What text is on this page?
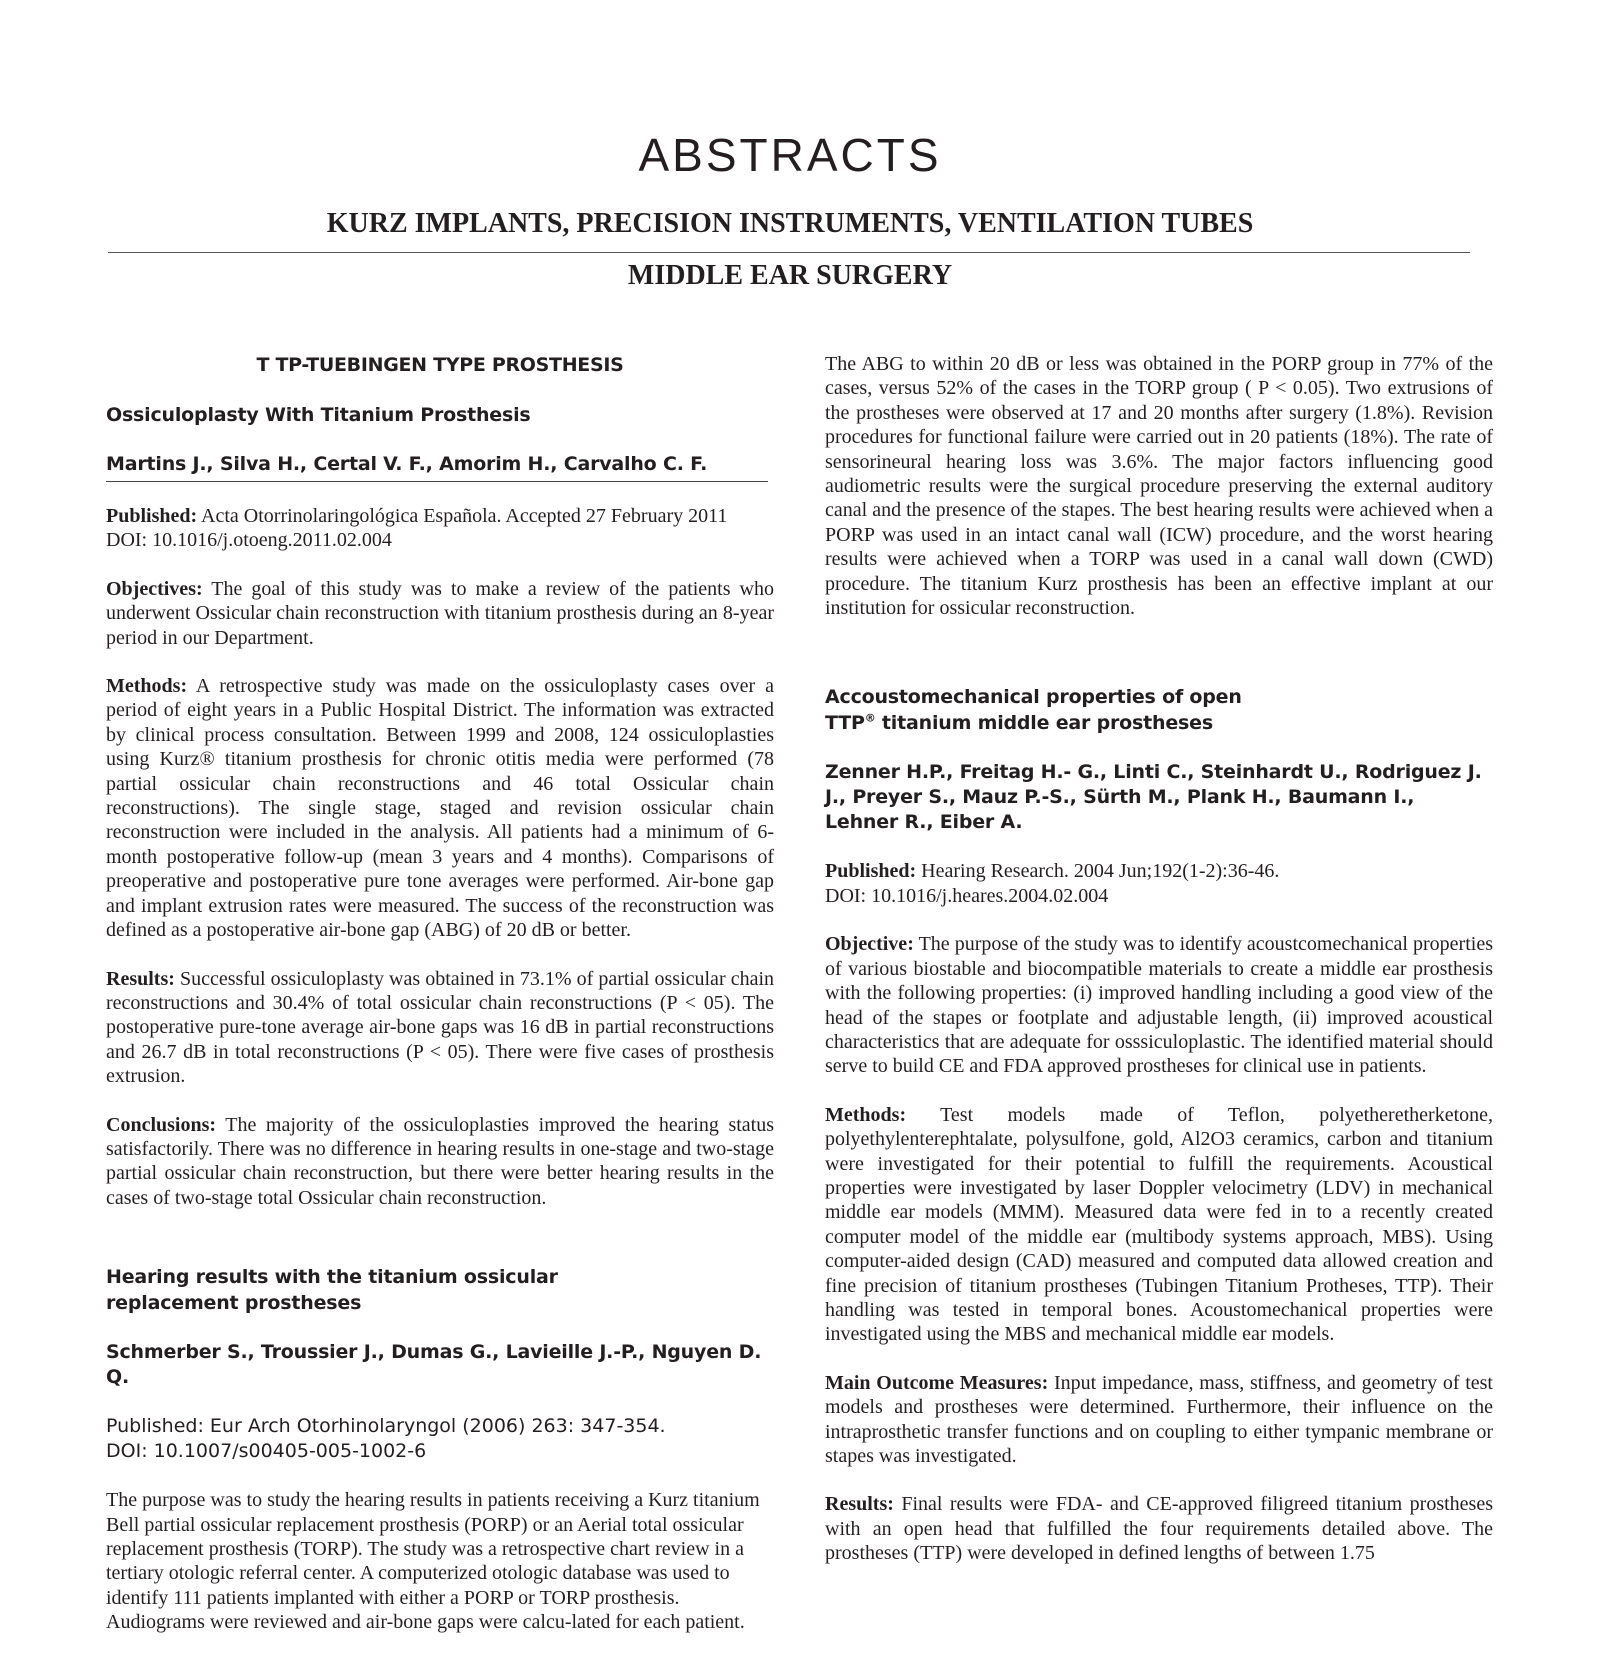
ABSTRACTS
KURZ IMPLANTS, PRECISION INSTRUMENTS, VENTILATION TUBES
MIDDLE EAR SURGERY
T TP-TUEBINGEN TYPE PROSTHESIS
Ossiculoplasty With Titanium Prosthesis
Martins J., Silva H., Certal V. F., Amorim H., Carvalho C. F.

Published: Acta Otorrinolaringológica Española. Accepted 27 February 2011
DOI: 10.1016/j.otoeng.2011.02.004

Objectives: The goal of this study was to make a review of the patients who underwent Ossicular chain reconstruction with titanium prosthesis during an 8-year period in our Department.

Methods: A retrospective study was made on the ossiculoplasty cases over a period of eight years in a Public Hospital District. The information was extracted by clinical process consultation. Between 1999 and 2008, 124 ossiculoplasties using Kurz® titanium prosthesis for chronic otitis media were performed (78 partial ossicular chain reconstructions and 46 total Ossicular chain reconstructions). The single stage, staged and revision ossicular chain reconstruction were included in the analysis. All patients had a minimum of 6-month postoperative follow-up (mean 3 years and 4 months). Comparisons of preoperative and postoperative pure tone averages were performed. Air-bone gap and implant extrusion rates were measured. The success of the reconstruction was defined as a postoperative air-bone gap (ABG) of 20 dB or better.

Results: Successful ossiculoplasty was obtained in 73.1% of partial ossicular chain reconstructions and 30.4% of total ossicular chain reconstructions (P < 05). The postoperative pure-tone average air-bone gaps was 16 dB in partial reconstructions and 26.7 dB in total reconstructions (P < 05). There were five cases of prosthesis extrusion.

Conclusions: The majority of the ossiculoplasties improved the hearing status satisfactorily. There was no difference in hearing results in one-stage and two-stage partial ossicular chain reconstruction, but there were better hearing results in the cases of two-stage total Ossicular chain reconstruction.

Hearing results with the titanium ossicular
replacement prostheses
Schmerber S., Troussier J., Dumas G., Lavieille J.-P., Nguyen D. Q.
Published: Eur Arch Otorhinolaryngol (2006) 263: 347-354.
DOI: 10.1007/s00405-005-1002-6

The purpose was to study the hearing results in patients receiving a Kurz titanium Bell partial ossicular replacement prosthesis (PORP) or an Aerial total ossicular replacement prosthesis (TORP). The study was a retrospective chart review in a tertiary otologic referral center. A computerized otologic database was used to identify 111 patients implanted with either a PORP or TORP prosthesis. Audiograms were reviewed and air-bone gaps were calcu-lated for each patient.

The ABG to within 20 dB or less was obtained in the PORP group in 77% of the cases, versus 52% of the cases in the TORP group ( P < 0.05). Two extrusions of the prostheses were observed at 17 and 20 months after surgery (1.8%). Revision procedures for functional failure were carried out in 20 patients (18%). The rate of sensorineural hearing loss was 3.6%. The major factors influencing good audiometric results were the surgical procedure preserving the external auditory canal and the presence of the stapes. The best hearing results were achieved when a PORP was used in an intact canal wall (ICW) procedure, and the worst hearing results were achieved when a TORP was used in a canal wall down (CWD) procedure. The titanium Kurz prosthesis has been an effective implant at our institution for ossicular reconstruction.

Accoustomechanical properties of open
TTP® titanium middle ear prostheses
Zenner H.P., Freitag H.- G., Linti C., Steinhardt U., Rodriguez J. J., Preyer S., Mauz P.-S., Sürth M., Plank H., Baumann I., Lehner R., Eiber A.

Published: Hearing Research. 2004 Jun;192(1-2):36-46.
DOI: 10.1016/j.heares.2004.02.004

Objective: The purpose of the study was to identify acoustcomechanical properties of various biostable and biocompatible materials to create a middle ear prosthesis with the following properties: (i) improved handling including a good view of the head of the stapes or footplate and adjustable length, (ii) improved acoustical characteristics that are adequate for osssiculoplastic. The identified material should serve to build CE and FDA approved prostheses for clinical use in patients.

Methods: Test models made of Teflon, polyetheretherketone, polyethylenterephtalate, polysulfone, gold, Al2O3 ceramics, carbon and titanium were investigated for their potential to fulfill the requirements. Acoustical properties were investigated by laser Doppler velocimetry (LDV) in mechanical middle ear models (MMM). Measured data were fed in to a recently created computer model of the middle ear (multibody systems approach, MBS). Using computer-aided design (CAD) measured and computed data allowed creation and fine precision of titanium prostheses (Tubingen Titanium Protheses, TTP). Their handling was tested in temporal bones. Acoustomechanical properties were investigated using the MBS and mechanical middle ear models.

Main Outcome Measures: Input impedance, mass, stiffness, and geometry of test models and prostheses were determined. Furthermore, their influence on the intraprosthetic transfer functions and on coupling to either tympanic membrane or stapes was investigated.

Results: Final results were FDA- and CE-approved filigreed titanium prostheses with an open head that fulfilled the four requirements detailed above. The prostheses (TTP) were developed in defined lengths of between 1.75
